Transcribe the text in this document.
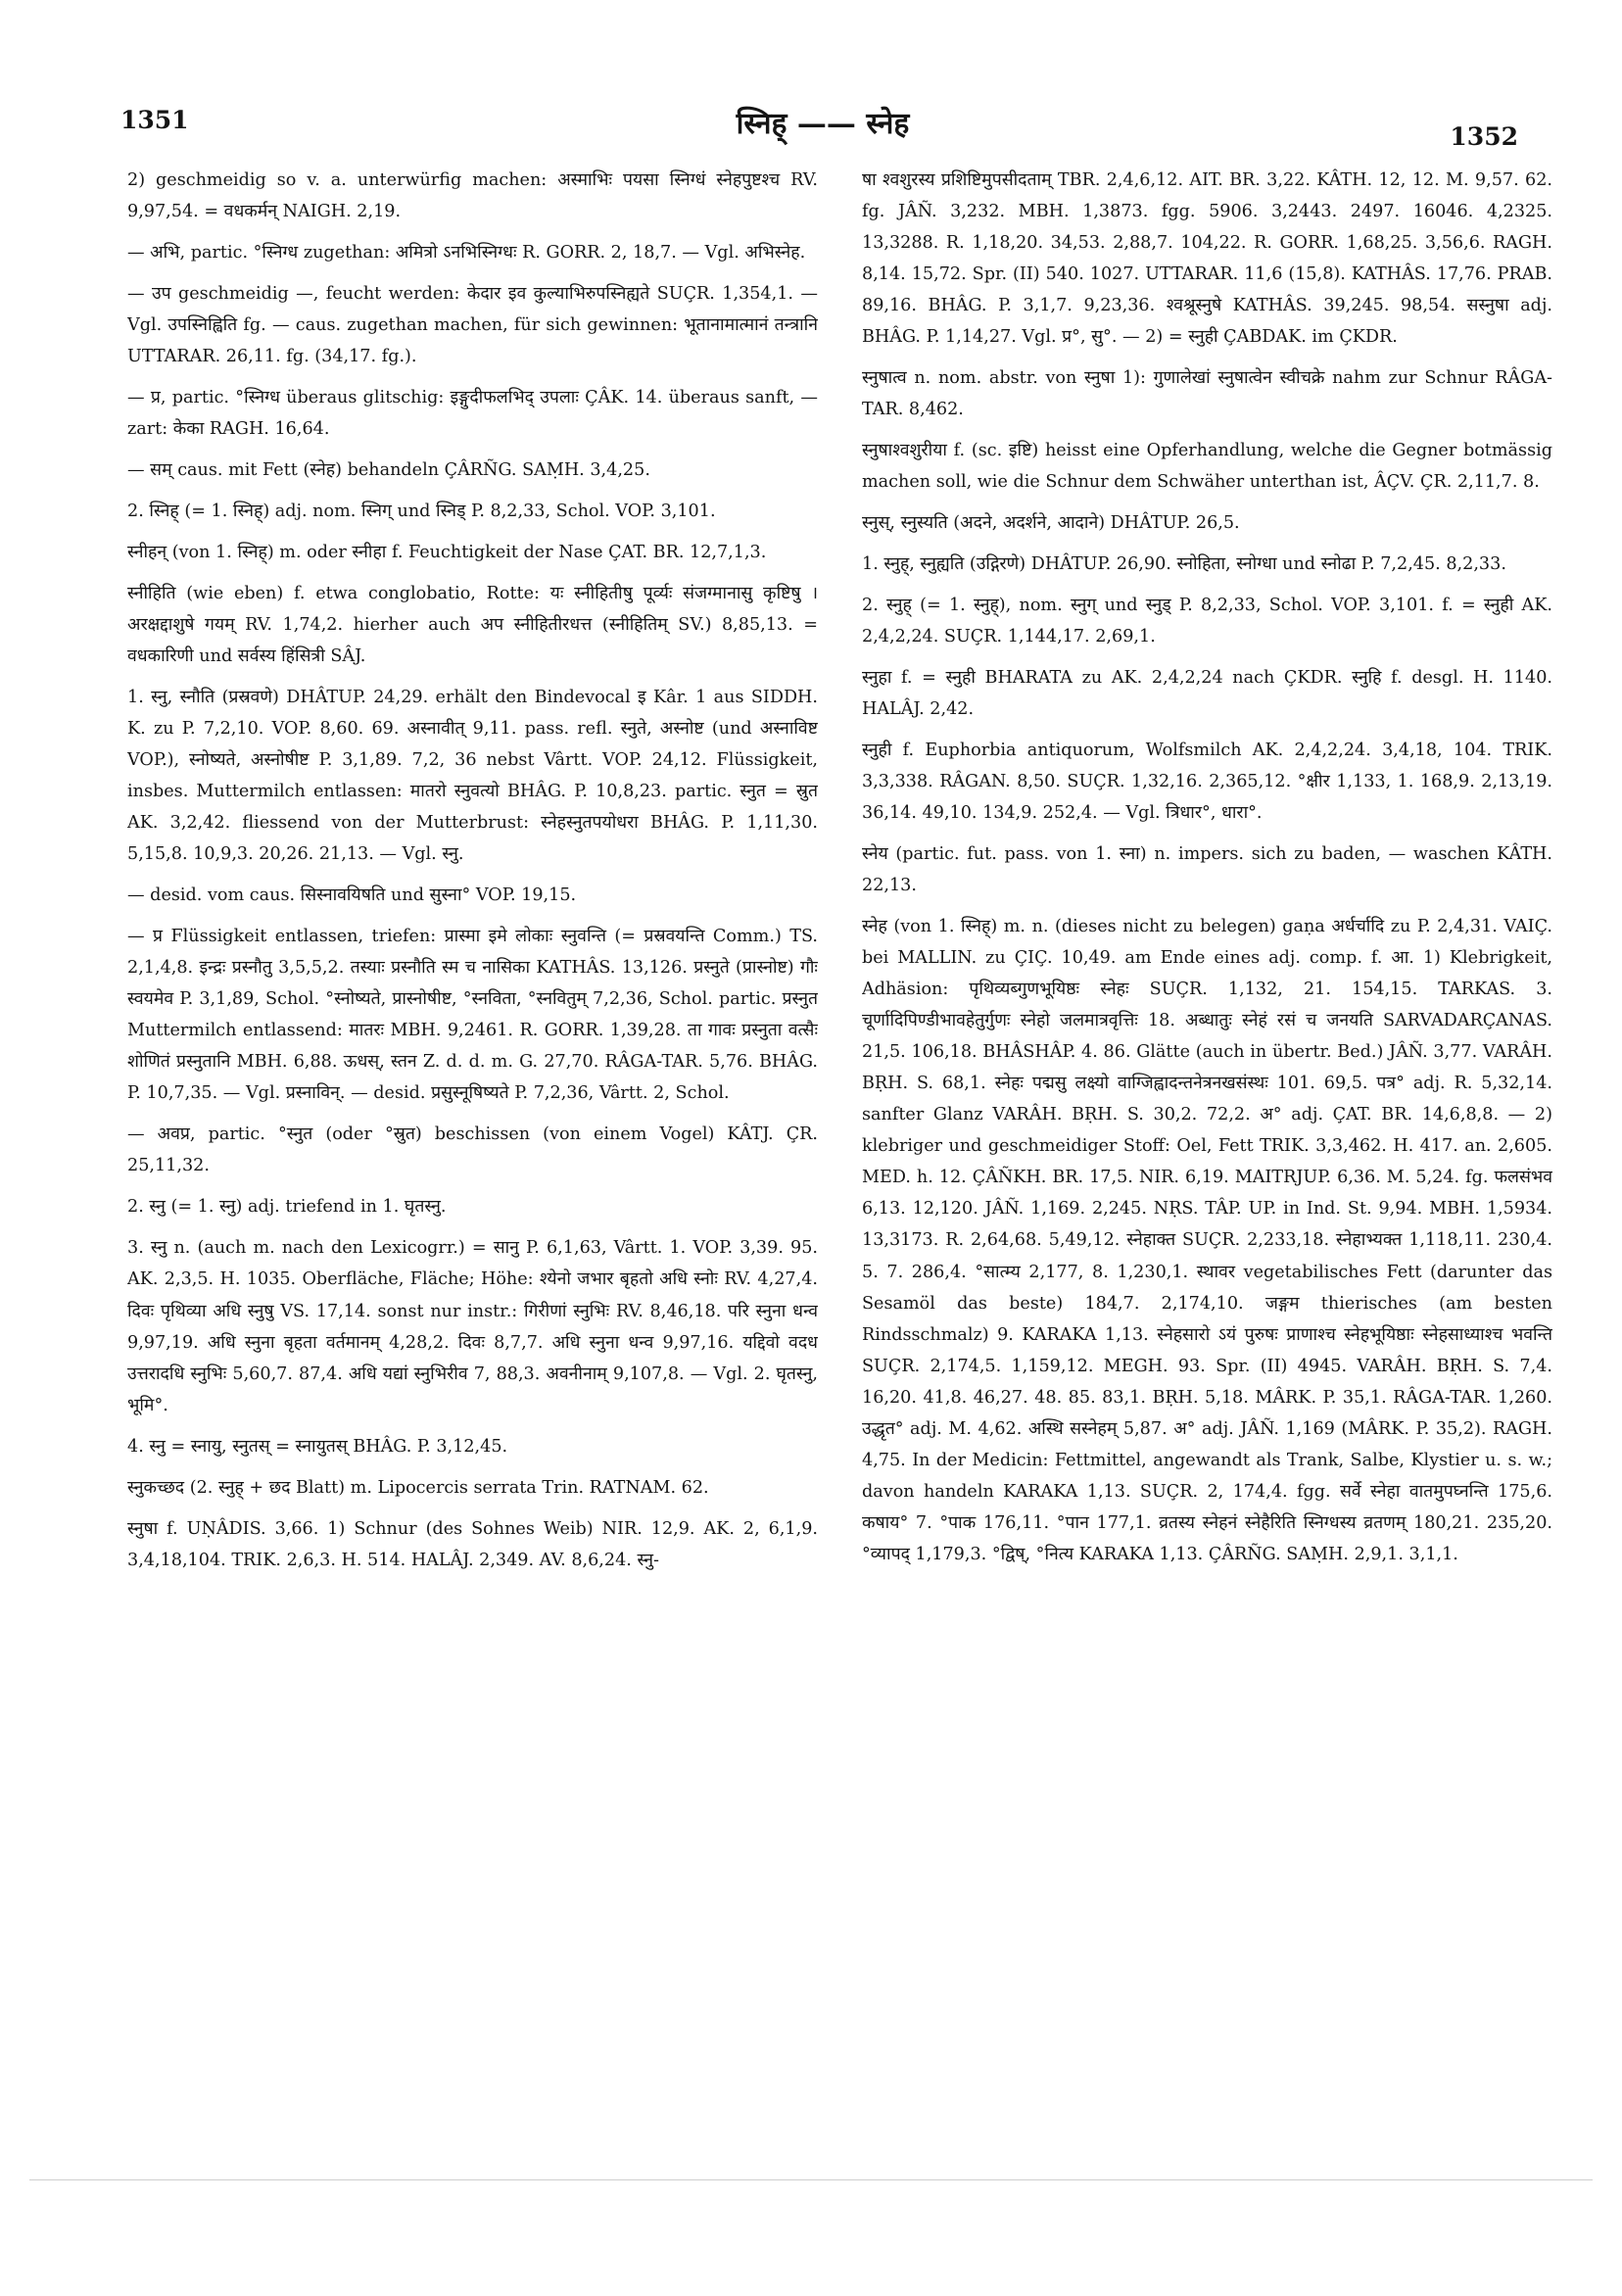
1351	स्निह् —— स्नेह	1352

2) geschmeidig so v. a. unterwürfig machen: अस्माभिः पयसा स्निग्धं स्नेहपुष्टश्च RV. 9,97,54. = वधकर्मन् NAIGH. 2,19.

— अभि, partic. °स्निग्ध zugethan: अमित्रो ऽनभिस्निग्धः R. GORR. 2, 18,7. — Vgl. अभिस्नेह.

— उप geschmeidig —, feucht werden: केदार इव कुल्याभिरुपस्निह्यते SUÇR. 1,354,1. — Vgl. उपस्निह्विति fg. — caus. zugethan machen, für sich gewinnen: भूतानामात्मानं तन्त्रानि UTTARAR. 26,11. fg. (34,17. fg.).

— प्र, partic. °स्निग्ध überaus glitschig: इङ्गुदीफलभिद् उपलाः ÇÂK. 14. überaus sanft, — zart: केका RAGH. 16,64.

— सम् caus. mit Fett (स्नेह) behandeln ÇÂRÑG. SAṂH. 3,4,25.

2. स्निह् (= 1. स्निह्) adj. nom. स्निग् und स्निड् P. 8,2,33, Schol. VOP. 3,101.

स्नीहन् (von 1. स्निह्) m. oder स्नीहा f. Feuchtigkeit der Nase ÇAT. BR. 12,7,1,3.

स्नीहिति (wie eben) f. etwa conglobatio, Rotte: यः स्नीहितीषु पूर्व्यः संजग्मानासु कृष्टिषु । अरक्षद्दाशुषे गयम् RV. 1,74,2. hierher auch अप स्नीहितीरधत्त (स्नीहितिम् SV.) 8,85,13. = वधकारिणी und सर्वस्य हिंसित्री SÂJ.

1. स्नु, स्नौति (प्रस्रवणे) DHÂTUP. 24,29. erhält den Bindevocal इ Kâr. 1 aus SIDDH. K. zu P. 7,2,10. VOP. 8,60. 69. अस्नावीत् 9,11. pass. refl. स्नुते, अस्नोष्ट (und अस्नाविष्ट VOP.), स्नोष्यते, अस्नोषीष्ट P. 3,1,89. 7,2, 36 nebst Vârtt. VOP. 24,12. Flüssigkeit, insbes. Muttermilch entlassen: मातरो स्नुवत्यो BHÂG. P. 10,8,23. partic. स्नुत = स्रुत AK. 3,2,42. fliessend von der Mutterbrust: स्नेहस्नुतपयोधरा BHÂG. P. 1,11,30. 5,15,8. 10,9,3. 20,26. 21,13. — Vgl. स्नु.

— desid. vom caus. सिस्नावयिषति und सुस्ना° VOP. 19,15.

— प्र Flüssigkeit entlassen, triefen: प्रास्मा इमे लोकाः स्नुवन्ति (= प्रस्रवयन्ति Comm.) TS. 2,1,4,8. इन्द्रः प्रस्नौतु 3,5,5,2. तस्याः प्रस्नौति स्म च नासिका KATHÂS. 13,126. प्रस्नुते (प्रास्नोष्ट) गौः स्वयमेव P. 3,1,89, Schol. °स्नोष्यते, प्रास्नोषीष्ट, °स्नविता, °स्नवितुम् 7,2,36, Schol. partic. प्रस्नुत Muttermilch entlassend: मातरः MBH. 9,2461. R. GORR. 1,39,28. ता गावः प्रस्नुता वत्सैः शोणितं प्रस्नुतानि MBH. 6,88. ऊधस्, स्तन Z. d. d. m. G. 27,70. RÂGA-TAR. 5,76. BHÂG. P. 10,7,35. — Vgl. प्रस्नाविन्. — desid. प्रसुस्नूषिष्यते P. 7,2,36, Vârtt. 2, Schol.

— अवप्र, partic. °स्नुत (oder °स्रुत) beschissen (von einem Vogel) KÂTJ. ÇR. 25,11,32.

2. स्नु (= 1. स्नु) adj. triefend in 1. घृतस्नु.

3. स्नु n. (auch m. nach den Lexicogrr.) = सानु P. 6,1,63, Vârtt. 1. VOP. 3,39. 95. AK. 2,3,5. H. 1035. Oberfläche, Fläche; Höhe: श्येनो जभार बृहतो अधि स्नोः RV. 4,27,4. दिवः पृथिव्या अधि स्नुषु VS. 17,14. sonst nur instr.: गिरीणां स्नुभिः RV. 8,46,18. परि स्नुना धन्व 9,97,19. अधि स्नुना बृहता वर्तमानम् 4,28,2. दिवः 8,7,7. अधि स्नुना धन्व 9,97,16. यद्दिवो वदध उत्तरादधि स्नुभिः 5,60,7. 87,4. अधि यद्यां स्नुभिरीव 7, 88,3. अवनीनाम् 9,107,8. — Vgl. 2. घृतस्नु, भूमि°.

4. स्नु = स्नायु, स्नुतस् = स्नायुतस् BHÂG. P. 3,12,45.

स्नुकच्छद (2. स्नुह् + छद Blatt) m. Lipocercis serrata Trin. RATNAM. 62.

स्नुषा f. UṆÂDIS. 3,66. 1) Schnur (des Sohnes Weib) NIR. 12,9. AK. 2, 6,1,9. 3,4,18,104. TRIK. 2,6,3. H. 514. HALÂJ. 2,349. AV. 8,6,24. स्नु-

षा श्वशुरस्य प्रशिष्टिमुपसीदताम् TBR. 2,4,6,12. AIT. BR. 3,22. KÂTH. 12, 12. M. 9,57. 62. fg. JÂÑ. 3,232. MBH. 1,3873. fgg. 5906. 3,2443. 2497. 16046. 4,2325. 13,3288. R. 1,18,20. 34,53. 2,88,7. 104,22. R. GORR. 1,68,25. 3,56,6. RAGH. 8,14. 15,72. Spr. (II) 540. 1027. UTTARAR. 11,6 (15,8). KATHÂS. 17,76. PRAB. 89,16. BHÂG. P. 3,1,7. 9,23,36. श्वश्रूस्नुषे KATHÂS. 39,245. 98,54. सस्नुषा adj. BHÂG. P. 1,14,27. Vgl. प्र°, सु°. — 2) = स्नुही ÇABDAK. im ÇKDR.

स्नुषात्व n. nom. abstr. von स्नुषा 1): गुणालेखां स्नुषात्वेन स्वीचक्रे nahm zur Schnur RÂGA-TAR. 8,462.

स्नुषाश्वशुरीया f. (sc. इष्टि) heisst eine Opferhandlung, welche die Gegner botmässig machen soll, wie die Schnur dem Schwäher unterthan ist, ÂÇV. ÇR. 2,11,7. 8.

स्नुस्, स्नुस्यति (अदने, अदर्शने, आदाने) DHÂTUP. 26,5.

1. स्नुह्, स्नुह्यति (उद्गिरणे) DHÂTUP. 26,90. स्नोहिता, स्नोग्धा und स्नोढा P. 7,2,45. 8,2,33.

2. स्नुह् (= 1. स्नुह्), nom. स्नुग् und स्नुड् P. 8,2,33, Schol. VOP. 3,101. f. = स्नुही AK. 2,4,2,24. SUÇR. 1,144,17. 2,69,1.

स्नुहा f. = स्नुही BHARATA zu AK. 2,4,2,24 nach ÇKDR. स्नुहि f. desgl. H. 1140. HALÂJ. 2,42.

स्नुही f. Euphorbia antiquorum, Wolfsmilch AK. 2,4,2,24. 3,4,18, 104. TRIK. 3,3,338. RÂGAN. 8,50. SUÇR. 1,32,16. 2,365,12. °क्षीर 1,133, 1. 168,9. 2,13,19. 36,14. 49,10. 134,9. 252,4. — Vgl. त्रिधार°, धारा°.

स्नेय (partic. fut. pass. von 1. स्ना) n. impers. sich zu baden, — waschen KÂTH. 22,13.

स्नेह (von 1. स्निह्) m. n. (dieses nicht zu belegen) gaṇa अर्धर्चादि zu P. 2,4,31. VAIÇ. bei MALLIN. zu ÇIÇ. 10,49. am Ende eines adj. comp. f. आ. 1) Klebrigkeit, Adhäsion: पृथिव्यब्गुणभूयिष्ठः स्नेहः SUÇR. 1,132, 21. 154,15. TARKAS. 3. चूर्णादिपिण्डीभावहेतुर्गुणः स्नेहो जलमात्रवृत्तिः 18. अब्धातुः स्नेहं रसं च जनयति SARVADARÇANAS. 21,5. 106,18. BHÂSHÂP. 4. 86. Glätte (auch in übertr. Bed.) JÂÑ. 3,77. VARÂH. BṚH. S. 68,1. स्नेहः पद्मसु लक्ष्यो वाग्जिह्वादन्तनेत्रनखसंस्थः 101. 69,5. पत्र° adj. R. 5,32,14. sanfter Glanz VARÂH. BṚH. S. 30,2. 72,2. अ° adj. ÇAT. BR. 14,6,8,8. — 2) klebriger und geschmeidiger Stoff: Oel, Fett TRIK. 3,3,462. H. 417. an. 2,605. MED. h. 12. ÇÂÑKH. BR. 17,5. NIR. 6,19. MAITRJUP. 6,36. M. 5,24. fg. फलसंभव 6,13. 12,120. JÂÑ. 1,169. 2,245. NṚS. TÂP. UP. in Ind. St. 9,94. MBH. 1,5934. 13,3173. R. 2,64,68. 5,49,12. स्नेहाक्त SUÇR. 2,233,18. स्नेहाभ्यक्त 1,118,11. 230,4. 5. 7. 286,4. °सात्म्य 2,177, 8. 1,230,1. स्थावर vegetabilisches Fett (darunter das Sesamöl das beste) 184,7. 2,174,10. जङ्गम thierisches (am besten Rindsschmalz) 9. KARAKA 1,13. स्नेहसारो ऽयं पुरुषः प्राणाश्च स्नेहभूयिष्ठाः स्नेहसाध्याश्च भवन्ति SUÇR. 2,174,5. 1,159,12. MEGH. 93. Spr. (II) 4945. VARÂH. BṚH. S. 7,4. 16,20. 41,8. 46,27. 48. 85. 83,1. BṚH. 5,18. MÂRK. P. 35,1. RÂGA-TAR. 1,260. उद्धृत° adj. M. 4,62. अस्थि सस्नेहम् 5,87. अ° adj. JÂÑ. 1,169 (MÂRK. P. 35,2). RAGH. 4,75. In der Medicin: Fettmittel, angewandt als Trank, Salbe, Klystier u. s. w.; davon handeln KARAKA 1,13. SUÇR. 2, 174,4. fgg. सर्वे स्नेहा वातमुपघ्नन्ति 175,6. कषाय° 7. °पाक 176,11. °पान 177,1. व्रतस्य स्नेहनं स्नेहैरिति स्निग्धस्य व्रतणम् 180,21. 235,20. °व्यापद् 1,179,3. °द्विष्, °नित्य KARAKA 1,13. ÇÂRÑG. SAṂH. 2,9,1. 3,1,1.
